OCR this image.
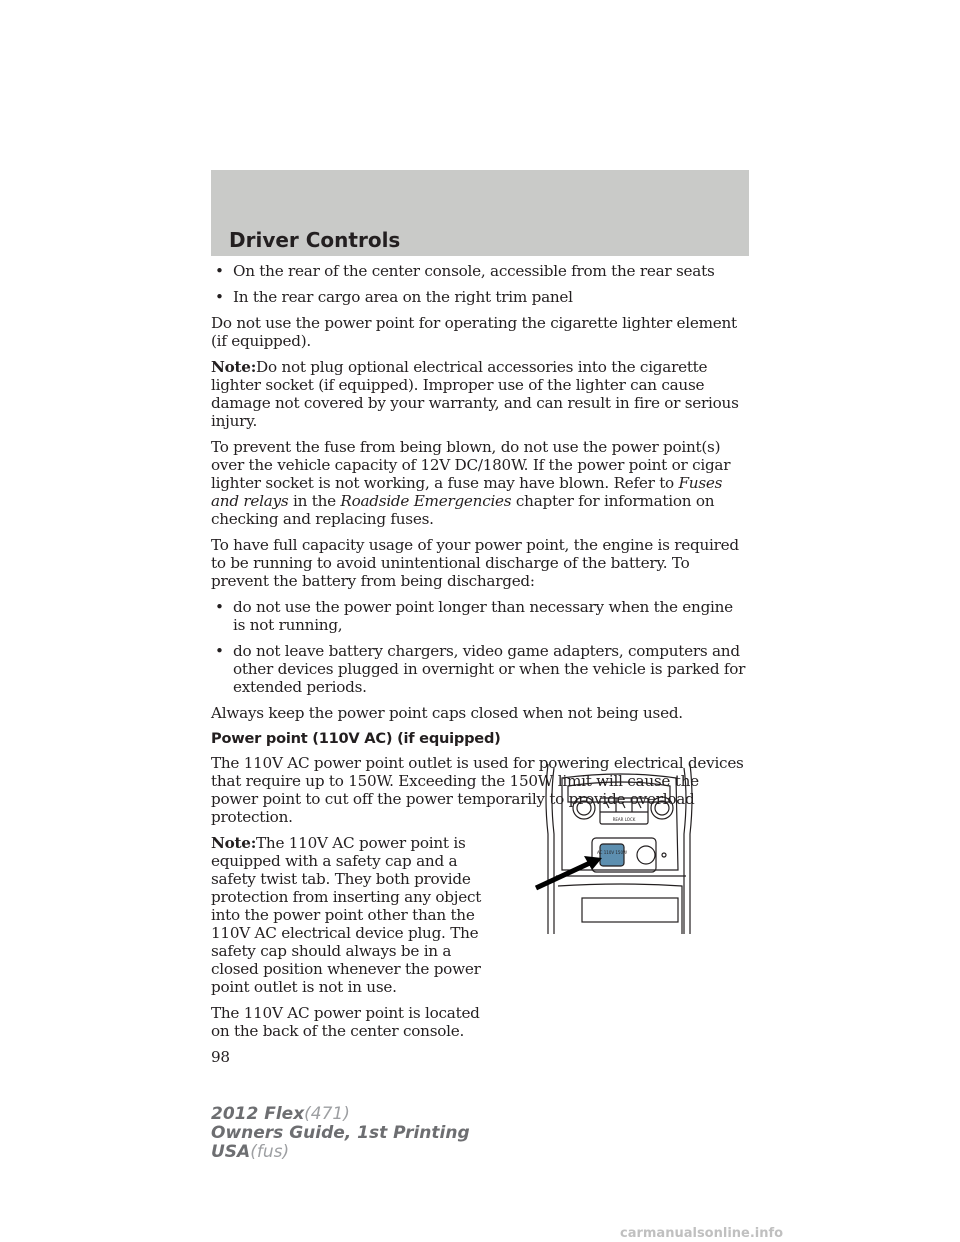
Driver Controls
• On the rear of the center console, accessible from the rear seats
• In the rear cargo area on the right trim panel

Do not use the power point for operating the cigarette lighter element (if equipped).

Note:Do not plug optional electrical accessories into the cigarette lighter socket (if equipped). Improper use of the lighter can cause damage not covered by your warranty, and can result in fire or serious injury.

To prevent the fuse from being blown, do not use the power point(s) over the vehicle capacity of 12V DC/180W. If the power point or cigar lighter socket is not working, a fuse may have blown. Refer to Fuses and relays in the Roadside Emergencies chapter for information on checking and replacing fuses.

To have full capacity usage of your power point, the engine is required to be running to avoid unintentional discharge of the battery. To prevent the battery from being discharged:

• do not use the power point longer than necessary when the engine is not running,
• do not leave battery chargers, video game adapters, computers and other devices plugged in overnight or when the vehicle is parked for extended periods.

Always keep the power point caps closed when not being used.

Power point (110V AC) (if equipped)

The 110V AC power point outlet is used for powering electrical devices that require up to 150W. Exceeding the 150W limit will cause the power point to cut off the power temporarily to provide overload protection.

Note:The 110V AC power point is equipped with a safety cap and a safety twist tab. They both provide protection from inserting any object into the power point other than the 110V AC electrical device plug. The safety cap should always be in a closed position whenever the power point outlet is not in use.

The 110V AC power point is located on the back of the center console.

98
AC 110V 150W
REAR LOCK
2012 Flex(471)
Owners Guide, 1st Printing
USA(fus)
carmanualsonline.info
